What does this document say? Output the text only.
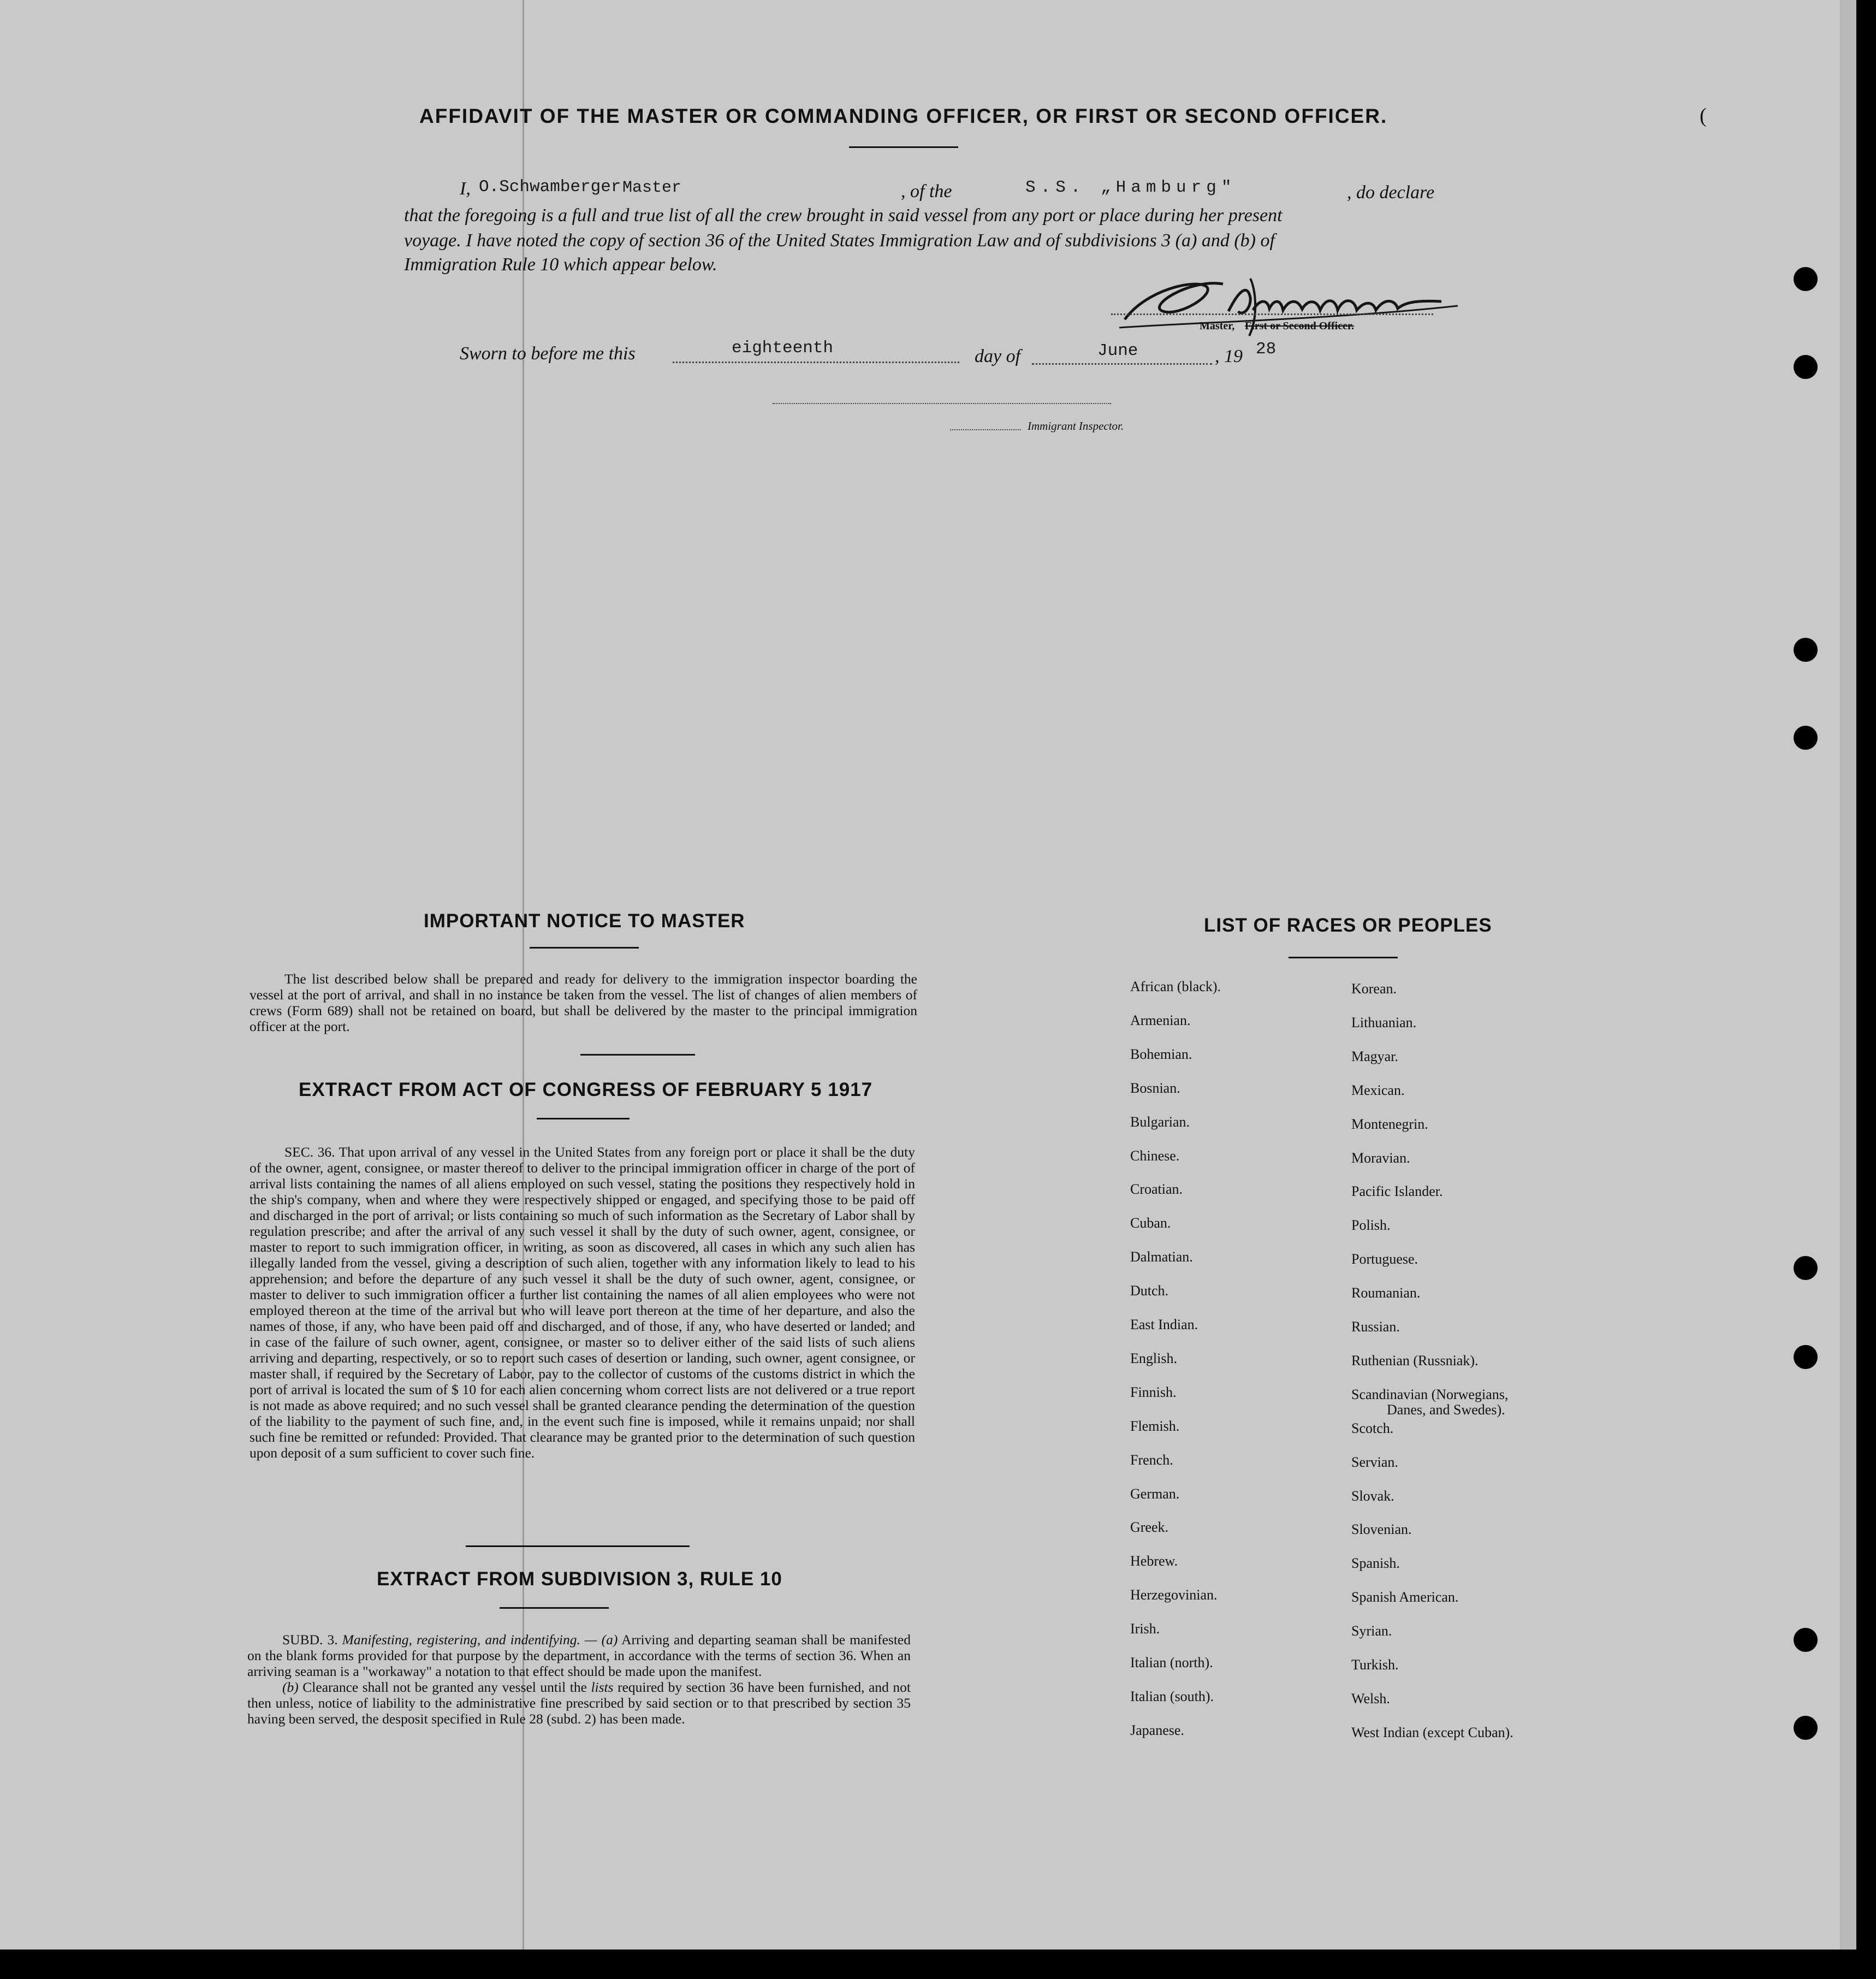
AFFIDAVIT OF THE MASTER OR COMMANDING OFFICER, OR FIRST OR SECOND OFFICER.	(
I, O.Schwamberger Master	, of the	S.S. „Hamburg"	, do declare
that the foregoing is a full and true list of all the crew brought in said vessel from any port or place during her present
voyage. I have noted the copy of section 36 of the United States Immigration Law and of subdivisions 3 (a) and (b) of
Immigration Rule 10 which appear below.
Master, First or Second Officer.
Sworn to before me this	eighteenth	day of	June	, 19 28
Immigrant Inspector.
IMPORTANT NOTICE TO MASTER
The list described below shall be prepared and ready for delivery to the immigration inspector boarding the vessel at the port of arrival, and shall in no instance be taken from the vessel. The list of changes of alien members of crews (Form 689) shall not be retained on board, but shall be delivered by the master to the principal immigration officer at the port.
EXTRACT FROM ACT OF CONGRESS OF FEBRUARY 5 1917
SEC. 36. That upon arrival of any vessel in the United States from any foreign port or place it shall be the duty of the owner, agent, consignee, or master thereof to deliver to the principal immigration officer in charge of the port of arrival lists containing the names of all aliens employed on such vessel, stating the positions they respectively hold in the ship's company, when and where they were respectively shipped or engaged, and specifying those to be paid off and discharged in the port of arrival; or lists containing so much of such information as the Secretary of Labor shall by regulation prescribe; and after the arrival of any such vessel it shall by the duty of such owner, agent, consignee, or master to report to such immigration officer, in writing, as soon as discovered, all cases in which any such alien has illegally landed from the vessel, giving a description of such alien, together with any information likely to lead to his apprehension; and before the departure of any such vessel it shall be the duty of such owner, agent, consignee, or master to deliver to such immigration officer a further list containing the names of all alien employees who were not employed thereon at the time of the arrival but who will leave port thereon at the time of her departure, and also the names of those, if any, who have been paid off and discharged, and of those, if any, who have deserted or landed; and in case of the failure of such owner, agent, consignee, or master so to deliver either of the said lists of such aliens arriving and departing, respectively, or so to report such cases of desertion or landing, such owner, agent consignee, or master shall, if required by the Secretary of Labor, pay to the collector of customs of the customs district in which the port of arrival is located the sum of $ 10 for each alien concerning whom correct lists are not delivered or a true report is not made as above required; and no such vessel shall be granted clearance pending the determination of the question of the liability to the payment of such fine, and, in the event such fine is imposed, while it remains unpaid; nor shall such fine be remitted or refunded: Provided. That clearance may be granted prior to the determination of such question upon deposit of a sum sufficient to cover such fine.
EXTRACT FROM SUBDIVISION 3, RULE 10

SUBD. 3. Manifesting, registering, and indentifying. — (a) Arriving and departing seaman shall be manifested on the blank forms provided for that purpose by the department, in accordance with the terms of section 36. When an arriving seaman is a "workaway" a notation to that effect should be made upon the manifest.

(b) Clearance shall not be granted any vessel until the lists required by section 36 have been furnished, and not then unless, notice of liability to the administrative fine prescribed by said section or to that prescribed by section 35 having been served, the desposit specified in Rule 28 (subd. 2) has been made.

LIST OF RACES OR PEOPLES
African (black).
Armenian.
Bohemian.
Bosnian.
Bulgarian.
Chinese.
Croatian.
Cuban.
Dalmatian.
Dutch.
East Indian.
English.
Finnish.
Flemish.
French.
German.
Greek.
Hebrew.
Herzegovinian.
Irish.
Italian (north).
Italian (south).
Japanese.
Korean.
Lithuanian.
Magyar.
Mexican.
Montenegrin.
Moravian.
Pacific Islander.
Polish.
Portuguese.
Roumanian.
Russian.
Ruthenian (Russniak).
Scandinavian (Norwegians,
Danes, and Swedes).
Scotch.
Servian.
Slovak.
Slovenian.
Spanish.
Spanish American.
Syrian.
Turkish.
Welsh.
West Indian (except Cuban).
